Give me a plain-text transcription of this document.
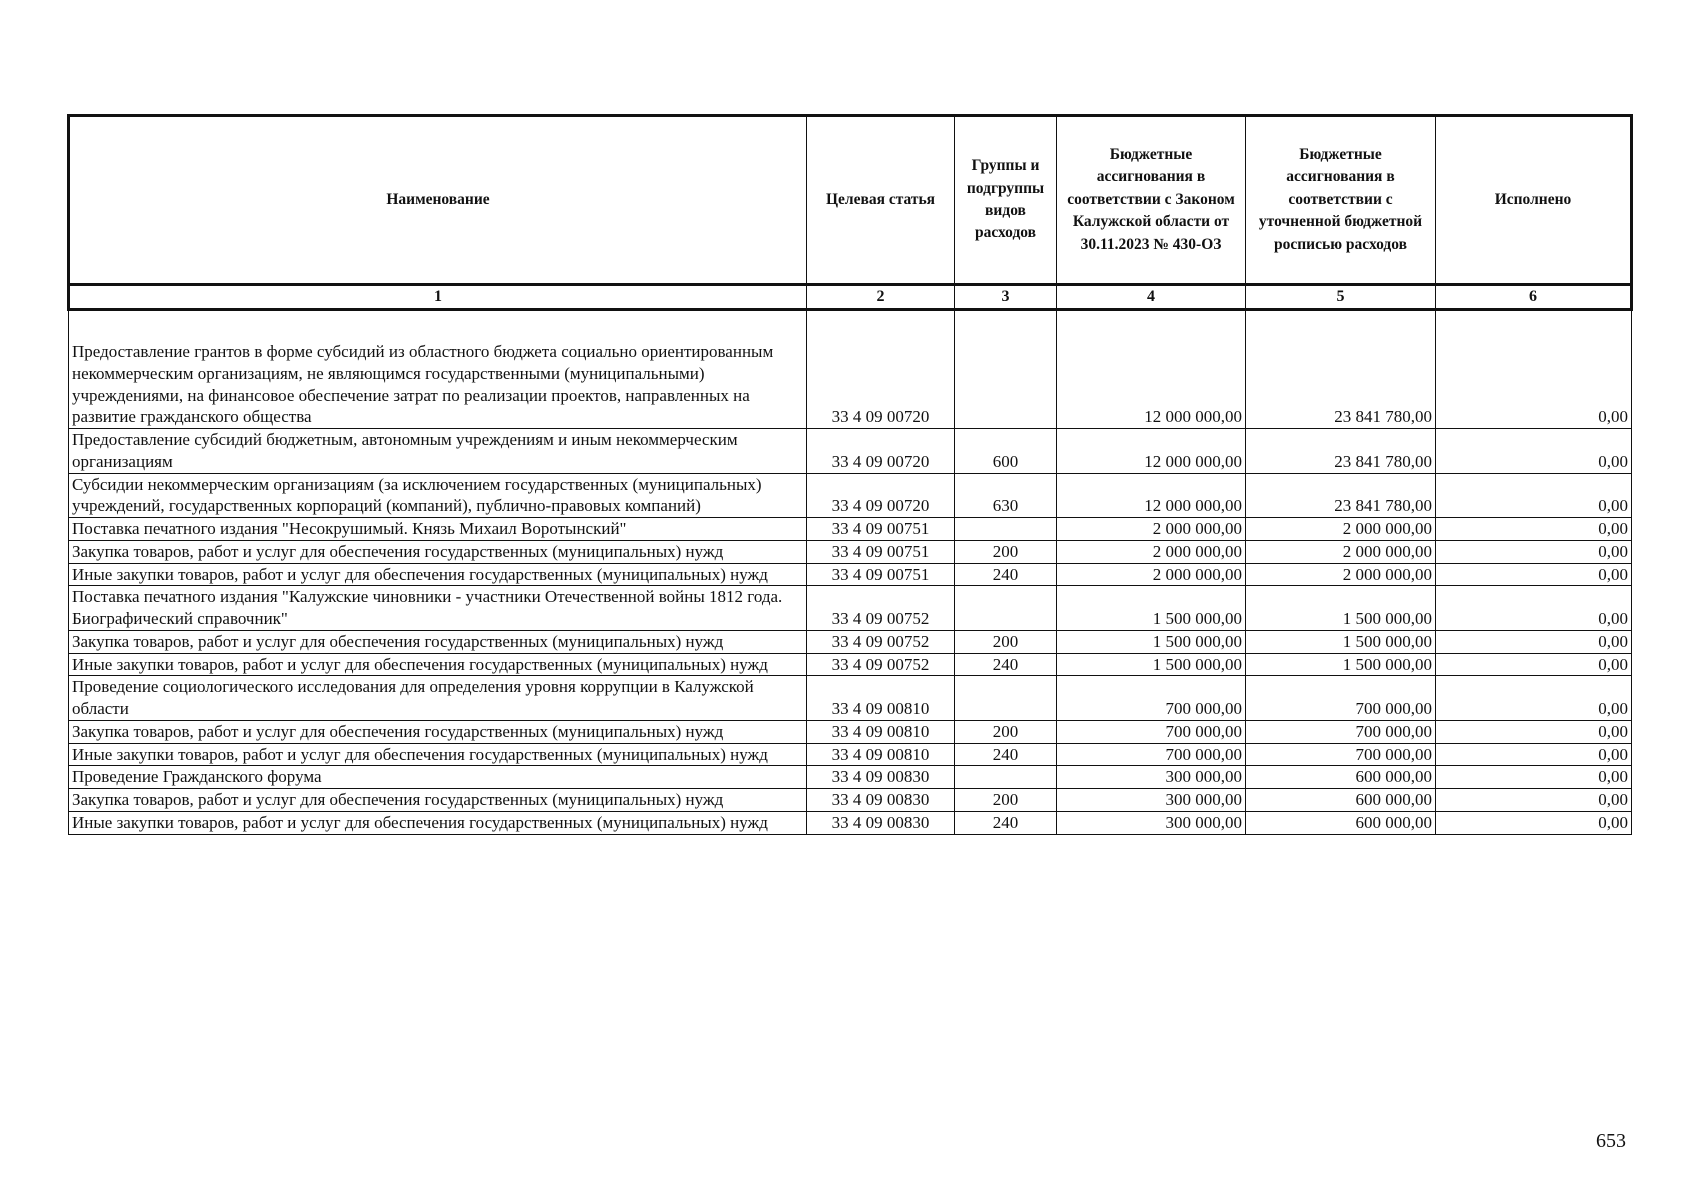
Наименование	Целевая статья	Группы и подгруппы видов расходов	Бюджетные ассигнования в соответствии с Законом Калужской области от 30.11.2023 № 430-ОЗ	Бюджетные ассигнования в соответствии с уточненной бюджетной росписью расходов	Исполнено
1	2	3	4	5	6
Предоставление грантов в форме субсидий из областного бюджета социально ориентированным некоммерческим организациям, не являющимся государственными (муниципальными) учреждениями, на финансовое обеспечение затрат по реализации проектов, направленных на развитие гражданского общества	33 4 09 00720		12 000 000,00	23 841 780,00	0,00
Предоставление субсидий бюджетным, автономным учреждениям и иным некоммерческим организациям	33 4 09 00720	600	12 000 000,00	23 841 780,00	0,00
Субсидии некоммерческим организациям (за исключением государственных (муниципальных) учреждений, государственных корпораций (компаний), публично-правовых компаний)	33 4 09 00720	630	12 000 000,00	23 841 780,00	0,00
Поставка печатного издания "Несокрушимый. Князь Михаил Воротынский"	33 4 09 00751		2 000 000,00	2 000 000,00	0,00
Закупка товаров, работ и услуг для обеспечения государственных (муниципальных) нужд	33 4 09 00751	200	2 000 000,00	2 000 000,00	0,00
Иные закупки товаров, работ и услуг для обеспечения государственных (муниципальных) нужд	33 4 09 00751	240	2 000 000,00	2 000 000,00	0,00
Поставка печатного издания "Калужские чиновники - участники Отечественной войны 1812 года. Биографический справочник"	33 4 09 00752		1 500 000,00	1 500 000,00	0,00
Закупка товаров, работ и услуг для обеспечения государственных (муниципальных) нужд	33 4 09 00752	200	1 500 000,00	1 500 000,00	0,00
Иные закупки товаров, работ и услуг для обеспечения государственных (муниципальных) нужд	33 4 09 00752	240	1 500 000,00	1 500 000,00	0,00
Проведение социологического исследования для определения уровня коррупции в Калужской области	33 4 09 00810		700 000,00	700 000,00	0,00
Закупка товаров, работ и услуг для обеспечения государственных (муниципальных) нужд	33 4 09 00810	200	700 000,00	700 000,00	0,00
Иные закупки товаров, работ и услуг для обеспечения государственных (муниципальных) нужд	33 4 09 00810	240	700 000,00	700 000,00	0,00
Проведение Гражданского форума	33 4 09 00830		300 000,00	600 000,00	0,00
Закупка товаров, работ и услуг для обеспечения государственных (муниципальных) нужд	33 4 09 00830	200	300 000,00	600 000,00	0,00
Иные закупки товаров, работ и услуг для обеспечения государственных (муниципальных) нужд	33 4 09 00830	240	300 000,00	600 000,00	0,00
653
